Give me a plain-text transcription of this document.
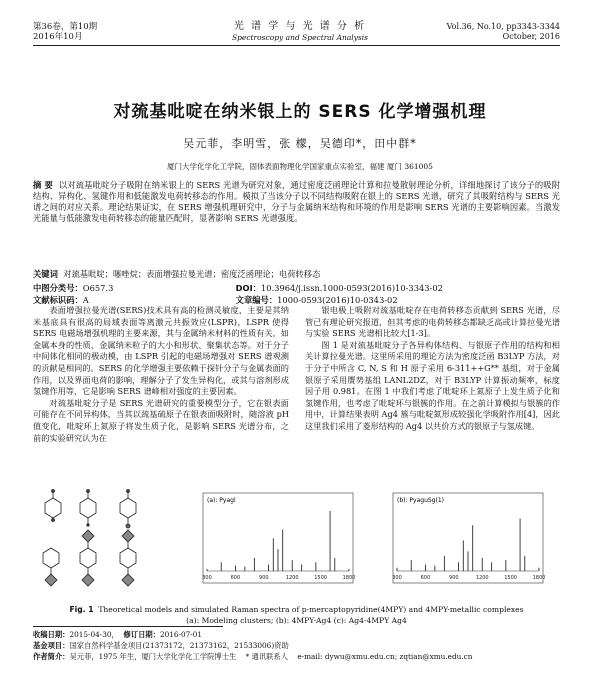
第36卷，第10期
2016年10月
光 谱 学 与 光 谱 分 析
Spectroscopy and Spectral Analysis
Vol.36, No.10, pp3343-3344
October, 2016
对巯基吡啶在纳米银上的 SERS 化学增强机理
吴元菲，李明雪，张 檬，吴德印*，田中群*
厦门大学化学化工学院，固体表面物理化学国家重点实验室，福建 厦门 361005
摘 要 以对巯基吡啶分子吸附在纳米银上的 SERS 光谱为研究对象，通过密度泛函理论计算和拉曼散射理论分析，详细地探讨了该分子的吸附结构、异构化、氢键作用和低能激发电荷转移态的作用。模拟了当该分子以不同结构吸附在银上的 SERS 光谱，研究了其吸附结构与 SERS 光谱之间的对应关系。理论结果证实，在 SERS 增强机理研究中，分子与金属纳米结构和环境的作用是影响 SERS 光谱的主要影响因素。当激发光能量与低能激发电荷转移态的能量匹配时，显著影响 SERS 光谱强度。
关键词 对巯基吡啶；噻唑烷；表面增强拉曼光谱；密度泛函理论；电荷转移态
中图分类号：O657.3	DOI：10.3964/j.issn.1000-0593(2016)10-3343-02
文献标识码：A	文章编号：1000-0593(2016)10-0343-02

表面增强拉曼光谱(SERS)技术具有高的检测灵敏度，主要是其纳米基底具有很高的局域表面等离激元共振效应(LSPR)，LSPR 使得 SERS 电磁场增强机理的主要来源，其与金属纳米材料的性质有关，如金属本身的性质、金属纳米粒子的大小和形状、聚集状态等。对于分子中间体化相同的极动模，由 LSPR 引起的电磁场增强对 SERS 谱观测的贡献是相同的。SERS 的化学增强主要依赖于探针分子与金属表面的作用，以及界面电荷的影响，理解分子了发生异构化，或其与溶剂形成氢键作用等，它是影响 SERS 谱峰相对强度的主要因素。

对巯基吡啶分子是 SERS 光谱研究的重要模型分子，它在银表面可能存在不同异构体，当其以巯基硫原子在银表面吸附时，随溶液 pH 值变化，吡啶环上氮原子将发生质子化，是影响 SERS 光谱分布，之前的实验研究认为在

银电极上吸附对巯基吡啶存在电荷转移态贡献到 SERS 光谱，尽管已有理论研究报道，但其考虑的电荷转移态都缺乏高或计算拉曼光谱与实验 SERS 光谱相比较大[1-3]。

图 1 是对巯基吡啶分子各异构体结构、与银原子作用的结构和相关计算拉曼光谱。这里所采用的理论方法为密度泛函 B3LYP 方法，对于分子中所含 C, N, S 和 H 原子采用 6-311++G** 基组，对于金属银原子采用赝势基组 LANL2DZ，对于 B3LYP 计算振动频率，标度因子用 0.981。在图 1 中我们考虑了吡啶环上氮原子上发生质子化和氢键作用，也考虑了吡啶环与银簇的作用。在之前计算模拟与银簇的作用中，计算结果表明 Ag4 簇与吡啶氮形成较强化学吸附作用[4]，因此这里我们采用了菱形结构的 Ag4 以共价方式的银原子与氢成键。

(a): Pyagl
300	600	900	1200	1500	1800
(b): PyaguSg(1)
300	600	900	1200	1500	1800
Fig. 1 Theoretical models and simulated Raman spectra of p-mercaptopyridine(4MPY) and 4MPY-metallic complexes
(a): Modeling clusters; (b): 4MPY-Ag4 (c): Ag4-4MPY Ag4
收稿日期：2015-04-30， 修订日期：2016-07-01
基金项目：国家自然科学基金项目(21373172，21373162，21533006)资助
作者简介：吴元菲，1975 年生，厦门大学化学化工学院博士生 * 通讯联系人 e-mail: dywu@xmu.edu.cn; zqtian@xmu.edu.cn
